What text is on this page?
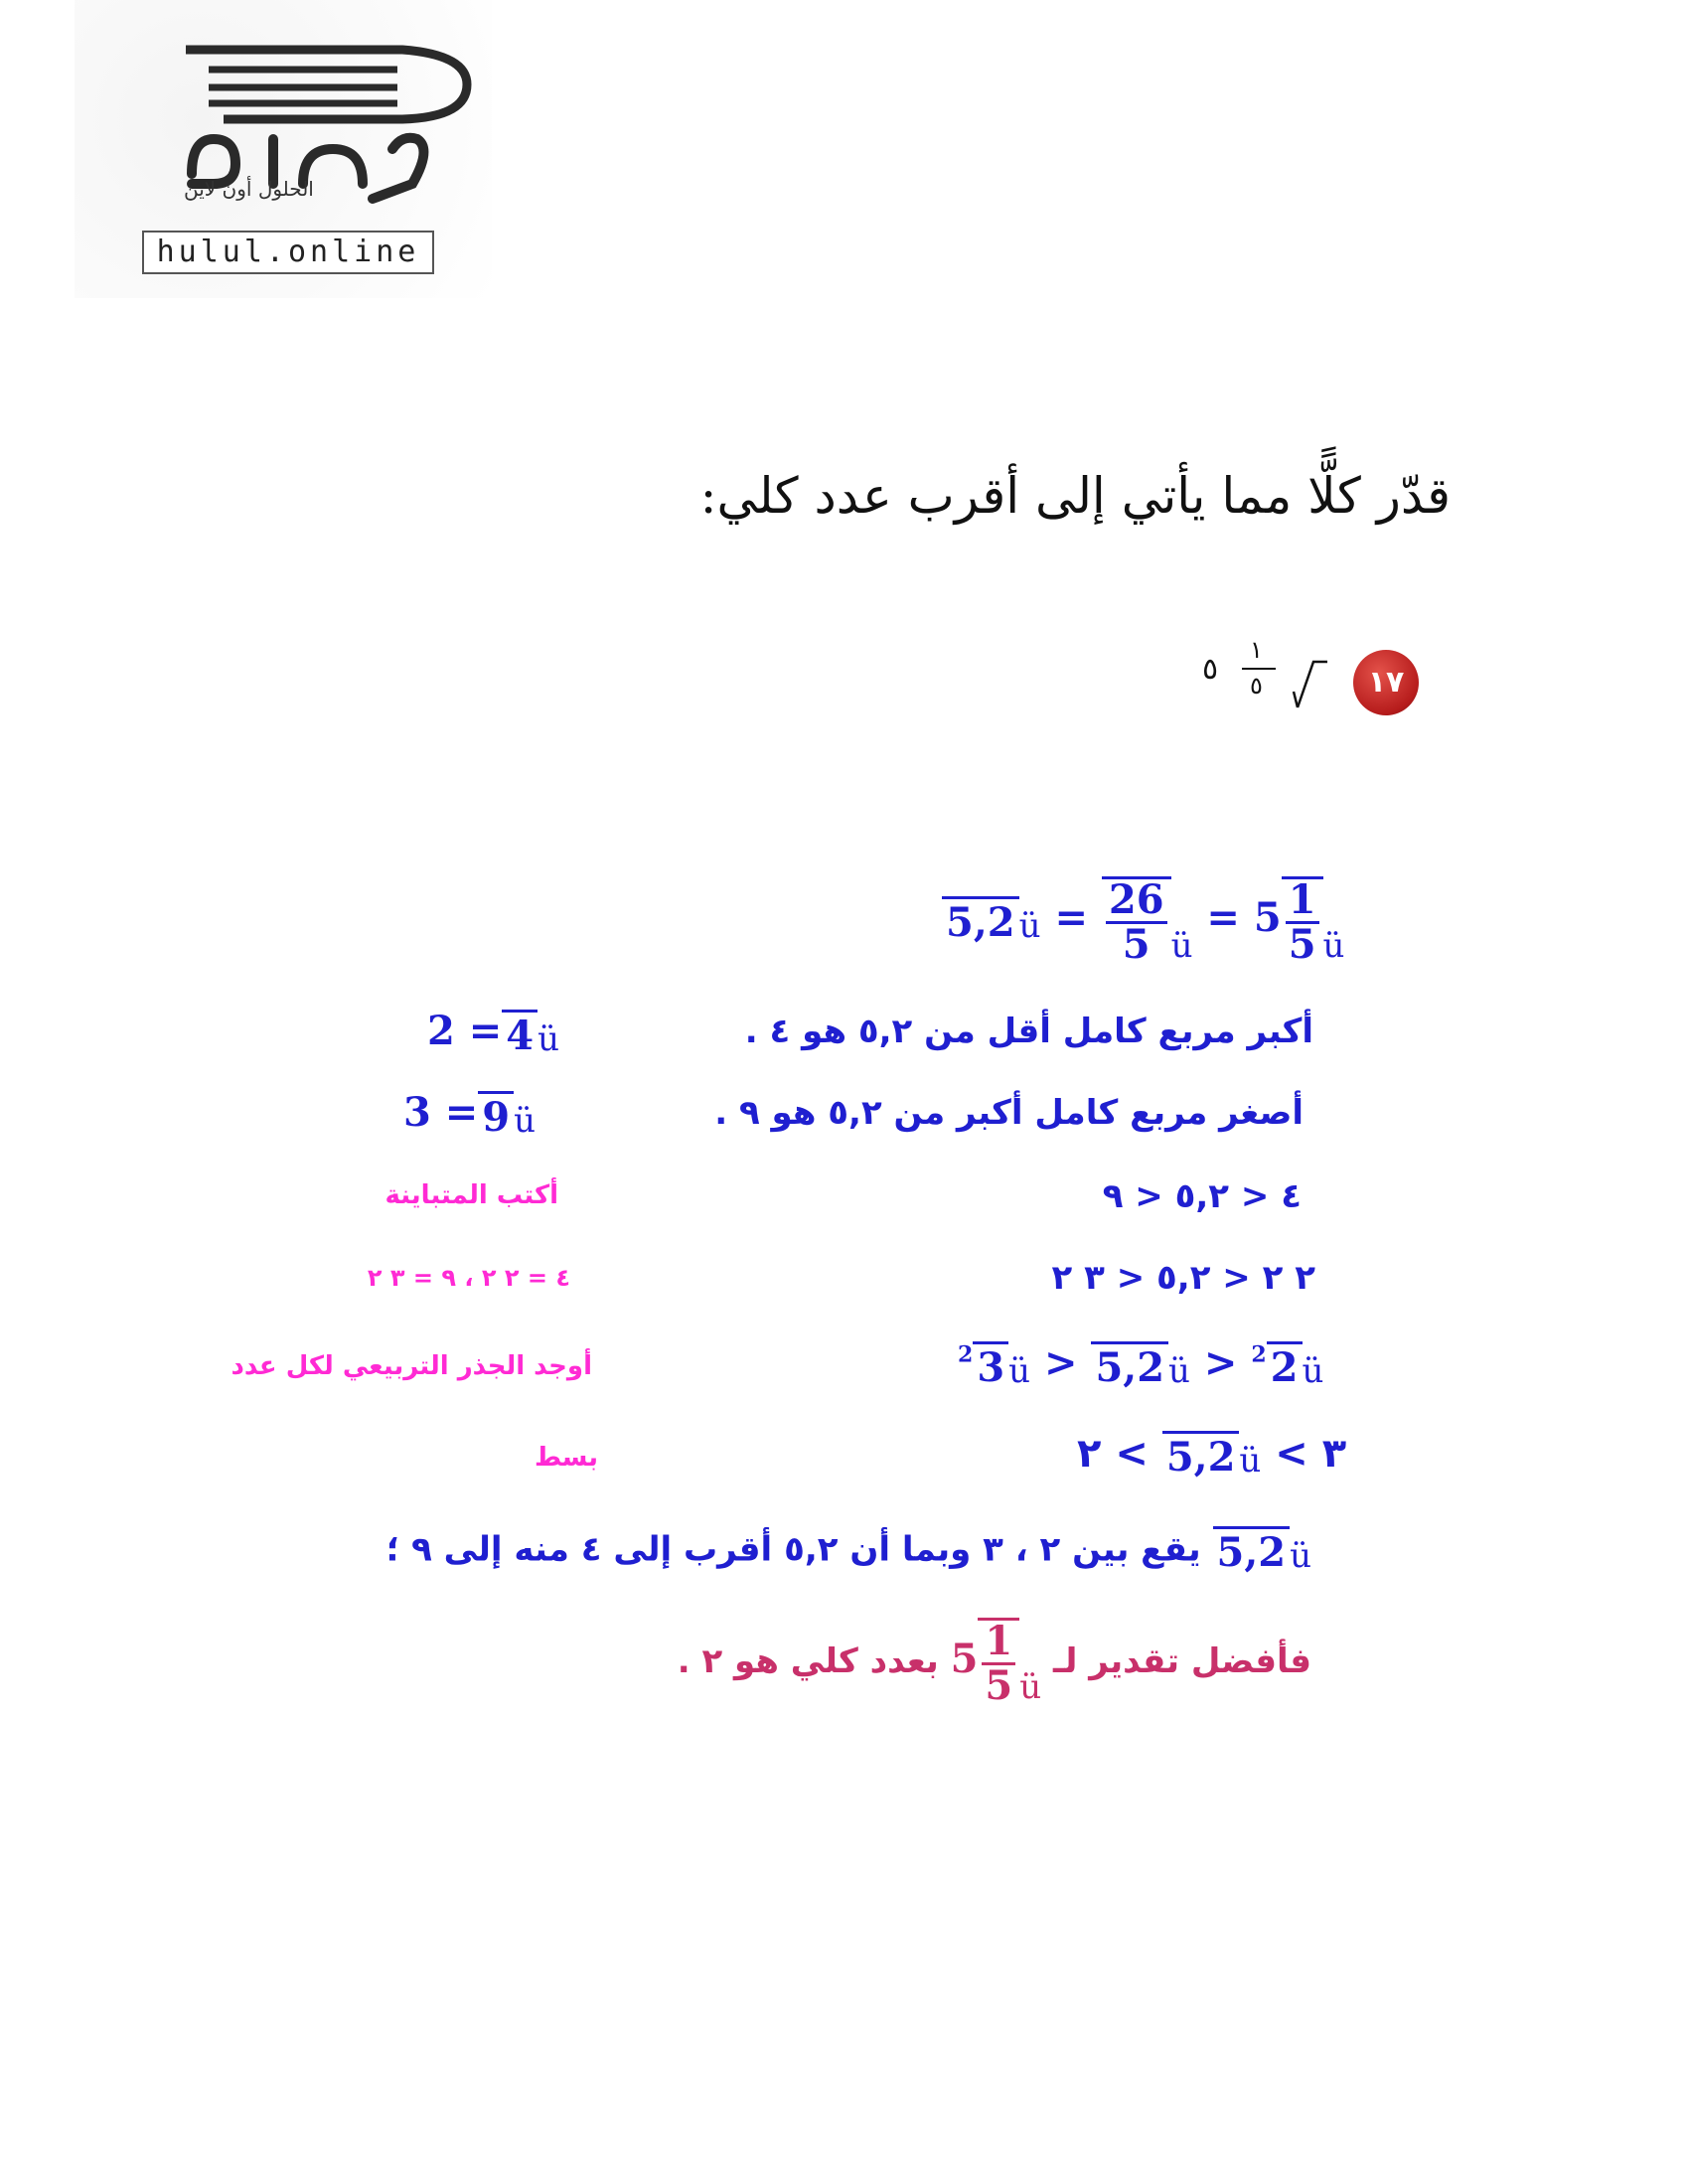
الحلول أون لاين
hulul.online
قدّر كلًّا مما يأتي إلى أقرب عدد كلي:
٥
١
٥	١٧
5,2 ü = $\frac{26}{5}$ ü
= $5 \frac{1}{5}$ ü
أكبر مربع كامل أقل من ٥,٢ هو ٤ .
2 = 4 ü
أصغر مربع كامل أكبر من ٥,٢ هو ٩ .
3 = 9 ü
٤ < ٥,٢ < ٩
أكتب المتباينة
٢ ٢ < ٥,٢ < ٣ ٢
٤ = ٢ ٢ ، ٩ = ٣ ٢
$^2$ 3 ü > 5,2 ü > $^2$ 2 ü
أوجد الجذر التربيعي لكل عدد
٣ >
5,2 ü
> ٢
بسط
5,2 ü
يقع بين ٢ ، ٣ وبما أن ٥,٢ أقرب إلى ٤ منه إلى ٩ ؛
فأفضل تقدير لـ $5 \frac{1}{5}$ ü
بعدد كلي هو ٢ .
